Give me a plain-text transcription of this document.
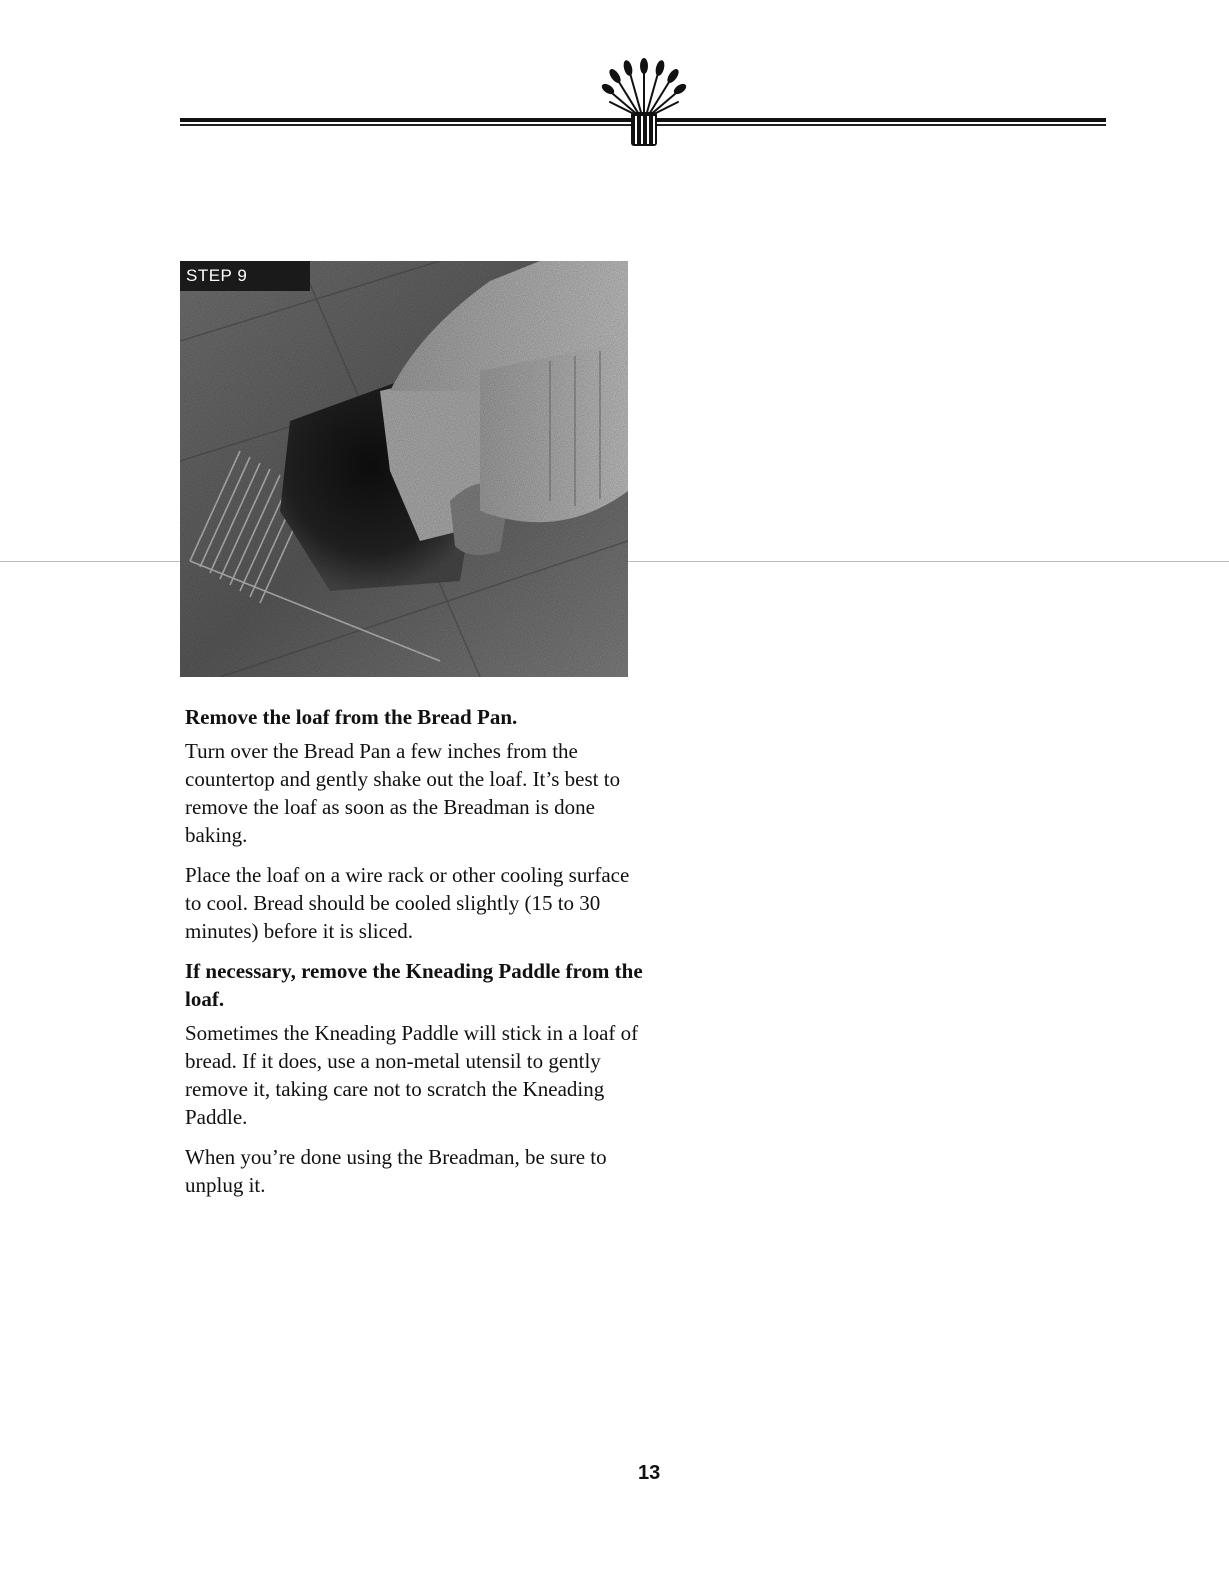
STEP 9
Remove the loaf from the Bread Pan.

Turn over the Bread Pan a few inches from the countertop and gently shake out the loaf. It’s best to remove the loaf as soon as the Breadman is done baking.

Place the loaf on a wire rack or other cooling surface to cool. Bread should be cooled slightly (15 to 30 minutes) before it is sliced.

If necessary, remove the Kneading Paddle from the loaf.

Sometimes the Kneading Paddle will stick in a loaf of bread. If it does, use a non-metal utensil to gently remove it, taking care not to scratch the Kneading Paddle.

When you’re done using the Breadman, be sure to unplug it.

13
